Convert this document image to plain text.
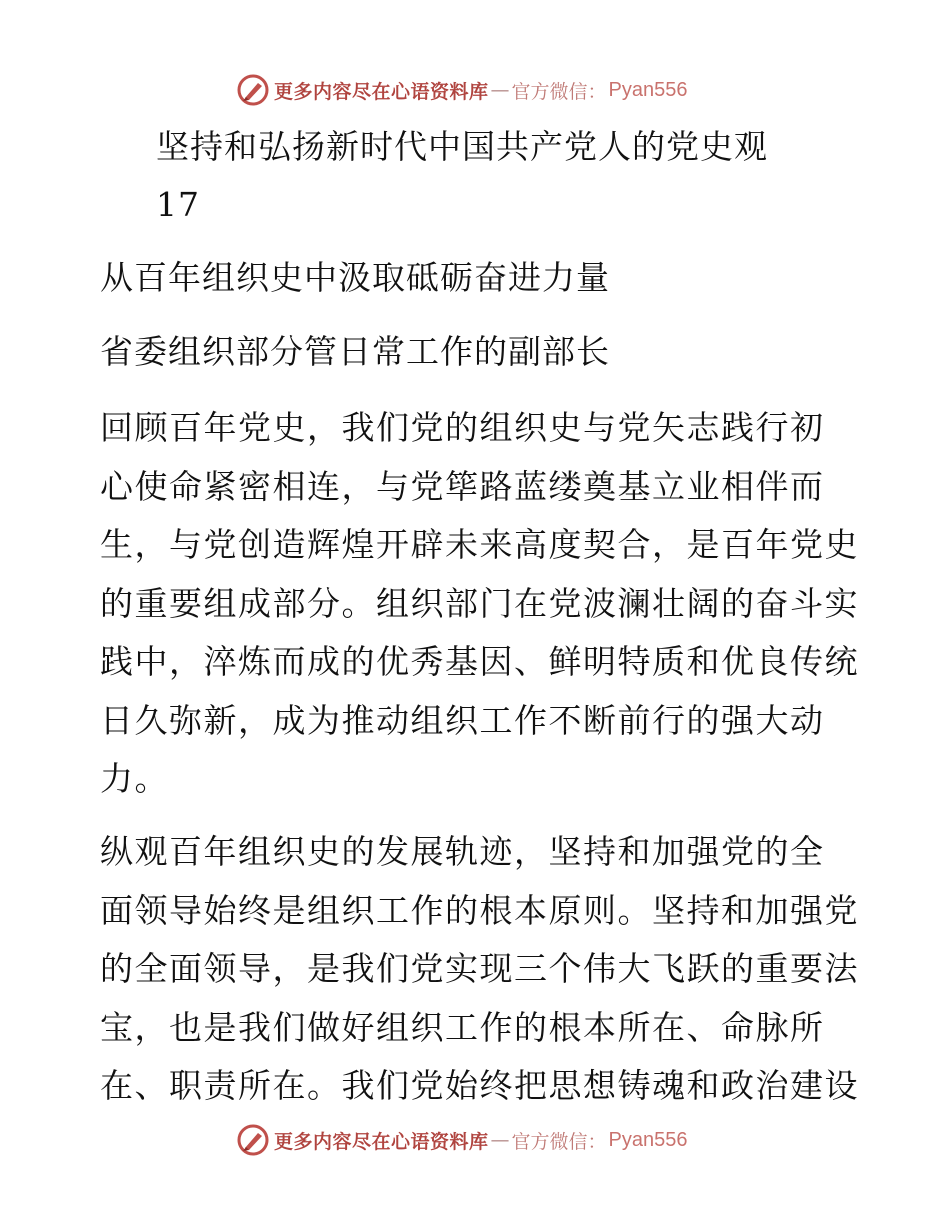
更多内容尽在心语资料库 — 官方微信： Pyan556
坚持和弘扬新时代中国共产党人的党史观
17
从百年组织史中汲取砥砺奋进力量
省委组织部分管日常工作的副部长
回顾百年党史，我们党的组织史与党矢志践行初
心使命紧密相连，与党筚路蓝缕奠基立业相伴而
生，与党创造辉煌开辟未来高度契合，是百年党史
的重要组成部分。组织部门在党波澜壮阔的奋斗实
践中，淬炼而成的优秀基因、鲜明特质和优良传统
日久弥新，成为推动组织工作不断前行的强大动
力。
纵观百年组织史的发展轨迹，坚持和加强党的全
面领导始终是组织工作的根本原则。坚持和加强党
的全面领导，是我们党实现三个伟大飞跃的重要法
宝，也是我们做好组织工作的根本所在、命脉所
在、职责所在。我们党始终把思想铸魂和政治建设
更多内容尽在心语资料库 — 官方微信： Pyan556
